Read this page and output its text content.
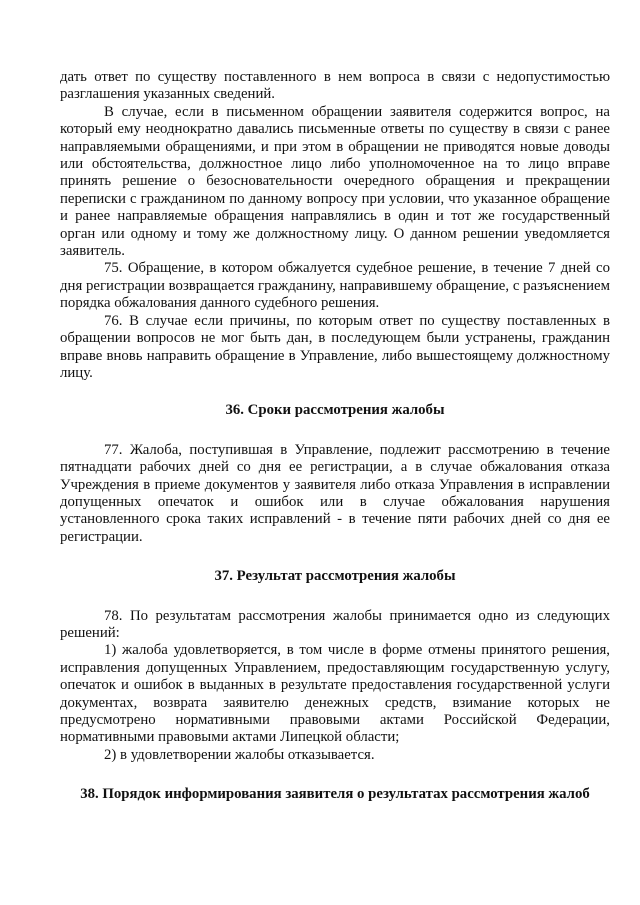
дать ответ по существу поставленного в нем вопроса в связи с недопустимостью разглашения указанных сведений.

В случае, если в письменном обращении заявителя содержится вопрос, на который ему неоднократно давались письменные ответы по существу в связи с ранее направляемыми обращениями, и при этом в обращении не приводятся новые доводы или обстоятельства, должностное лицо либо уполномоченное на то лицо вправе принять решение о безосновательности очередного обращения и прекращении переписки с гражданином по данному вопросу при условии, что указанное обращение и ранее направляемые обращения направлялись в один и тот же государственный орган или одному и тому же должностному лицу. О данном решении уведомляется заявитель.

75. Обращение, в котором обжалуется судебное решение, в течение 7 дней со дня регистрации возвращается гражданину, направившему обращение, с разъяснением порядка обжалования данного судебного решения.

76. В случае если причины, по которым ответ по существу поставленных в обращении вопросов не мог быть дан, в последующем были устранены, гражданин вправе вновь направить обращение в Управление, либо вышестоящему должностному лицу.

36. Сроки рассмотрения жалобы

77. Жалоба, поступившая в Управление, подлежит рассмотрению в течение пятнадцати рабочих дней со дня ее регистрации, а в случае обжалования отказа Учреждения в приеме документов у заявителя либо отказа Управления в исправлении допущенных опечаток и ошибок или в случае обжалования нарушения установленного срока таких исправлений - в течение пяти рабочих дней со дня ее регистрации.

37. Результат рассмотрения жалобы

78. По результатам рассмотрения жалобы принимается одно из следующих решений:

1) жалоба удовлетворяется, в том числе в форме отмены принятого решения, исправления допущенных Управлением, предоставляющим государственную услугу, опечаток и ошибок в выданных в результате предоставления государственной услуги документах, возврата заявителю денежных средств, взимание которых не предусмотрено нормативными правовыми актами Российской Федерации, нормативными правовыми актами Липецкой области;

2) в удовлетворении жалобы отказывается.

38. Порядок информирования заявителя о результатах рассмотрения жалоб
